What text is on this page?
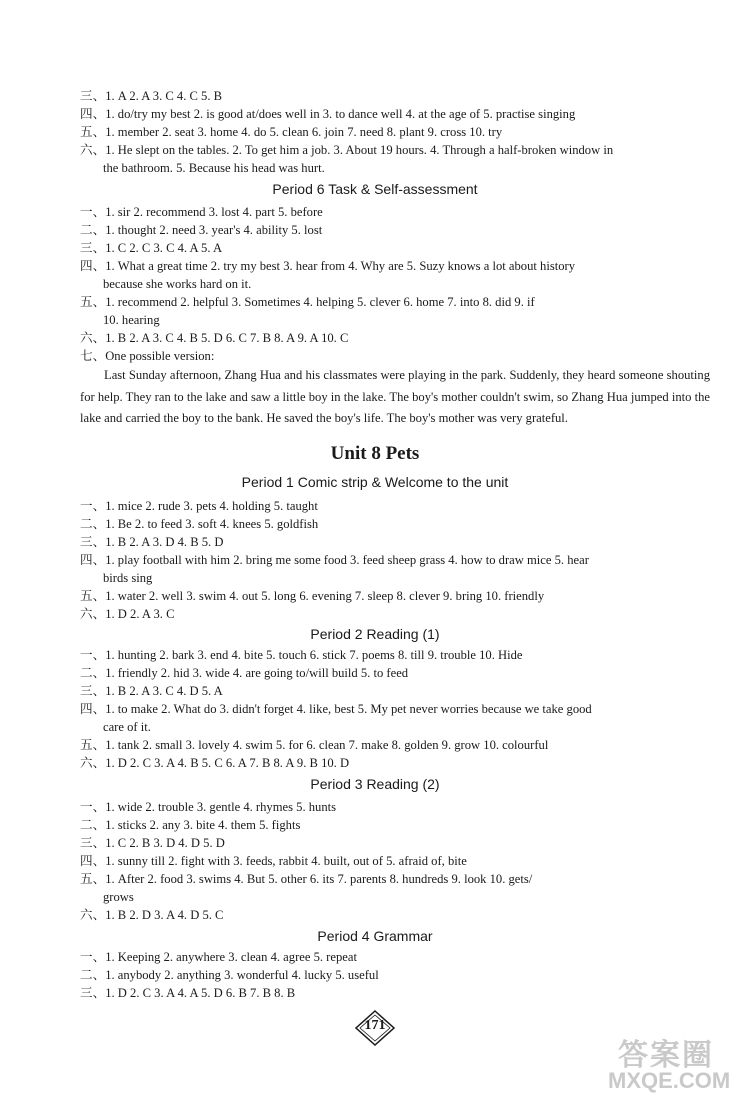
三、1. A 2. A 3. C 4. C 5. B
四、1. do/try my best 2. is good at/does well in 3. to dance well 4. at the age of 5. practise singing
五、1. member 2. seat 3. home 4. do 5. clean 6. join 7. need 8. plant 9. cross 10. try
六、1. He slept on the tables. 2. To get him a job. 3. About 19 hours. 4. Through a half-broken window in
the bathroom. 5. Because his head was hurt.
Period 6 Task & Self-assessment
一、1. sir 2. recommend 3. lost 4. part 5. before
二、1. thought 2. need 3. year's 4. ability 5. lost
三、1. C 2. C 3. C 4. A 5. A
四、1. What a great time 2. try my best 3. hear from 4. Why are 5. Suzy knows a lot about history
because she works hard on it.
五、1. recommend 2. helpful 3. Sometimes 4. helping 5. clever 6. home 7. into 8. did 9. if
10. hearing
六、1. B 2. A 3. C 4. B 5. D 6. C 7. B 8. A 9. A 10. C
七、One possible version:
Last Sunday afternoon, Zhang Hua and his classmates were playing in the park. Suddenly, they heard someone shouting for help. They ran to the lake and saw a little boy in the lake. The boy's mother couldn't swim, so Zhang Hua jumped into the lake and carried the boy to the bank. He saved the boy's life. The boy's mother was very grateful.
Unit 8 Pets
Period 1 Comic strip & Welcome to the unit
一、1. mice 2. rude 3. pets 4. holding 5. taught
二、1. Be 2. to feed 3. soft 4. knees 5. goldfish
三、1. B 2. A 3. D 4. B 5. D
四、1. play football with him 2. bring me some food 3. feed sheep grass 4. how to draw mice 5. hear
birds sing
五、1. water 2. well 3. swim 4. out 5. long 6. evening 7. sleep 8. clever 9. bring 10. friendly
六、1. D 2. A 3. C
Period 2 Reading (1)
一、1. hunting 2. bark 3. end 4. bite 5. touch 6. stick 7. poems 8. till 9. trouble 10. Hide
二、1. friendly 2. hid 3. wide 4. are going to/will build 5. to feed
三、1. B 2. A 3. C 4. D 5. A
四、1. to make 2. What do 3. didn't forget 4. like, best 5. My pet never worries because we take good
care of it.
五、1. tank 2. small 3. lovely 4. swim 5. for 6. clean 7. make 8. golden 9. grow 10. colourful
六、1. D 2. C 3. A 4. B 5. C 6. A 7. B 8. A 9. B 10. D
Period 3 Reading (2)
一、1. wide 2. trouble 3. gentle 4. rhymes 5. hunts
二、1. sticks 2. any 3. bite 4. them 5. fights
三、1. C 2. B 3. D 4. D 5. D
四、1. sunny till 2. fight with 3. feeds, rabbit 4. built, out of 5. afraid of, bite
五、1. After 2. food 3. swims 4. But 5. other 6. its 7. parents 8. hundreds 9. look 10. gets/
grows
六、1. B 2. D 3. A 4. D 5. C
Period 4 Grammar
一、1. Keeping 2. anywhere 3. clean 4. agree 5. repeat
二、1. anybody 2. anything 3. wonderful 4. lucky 5. useful
三、1. D 2. C 3. A 4. A 5. D 6. B 7. B 8. B
171
答案圈
MXQE.COM
